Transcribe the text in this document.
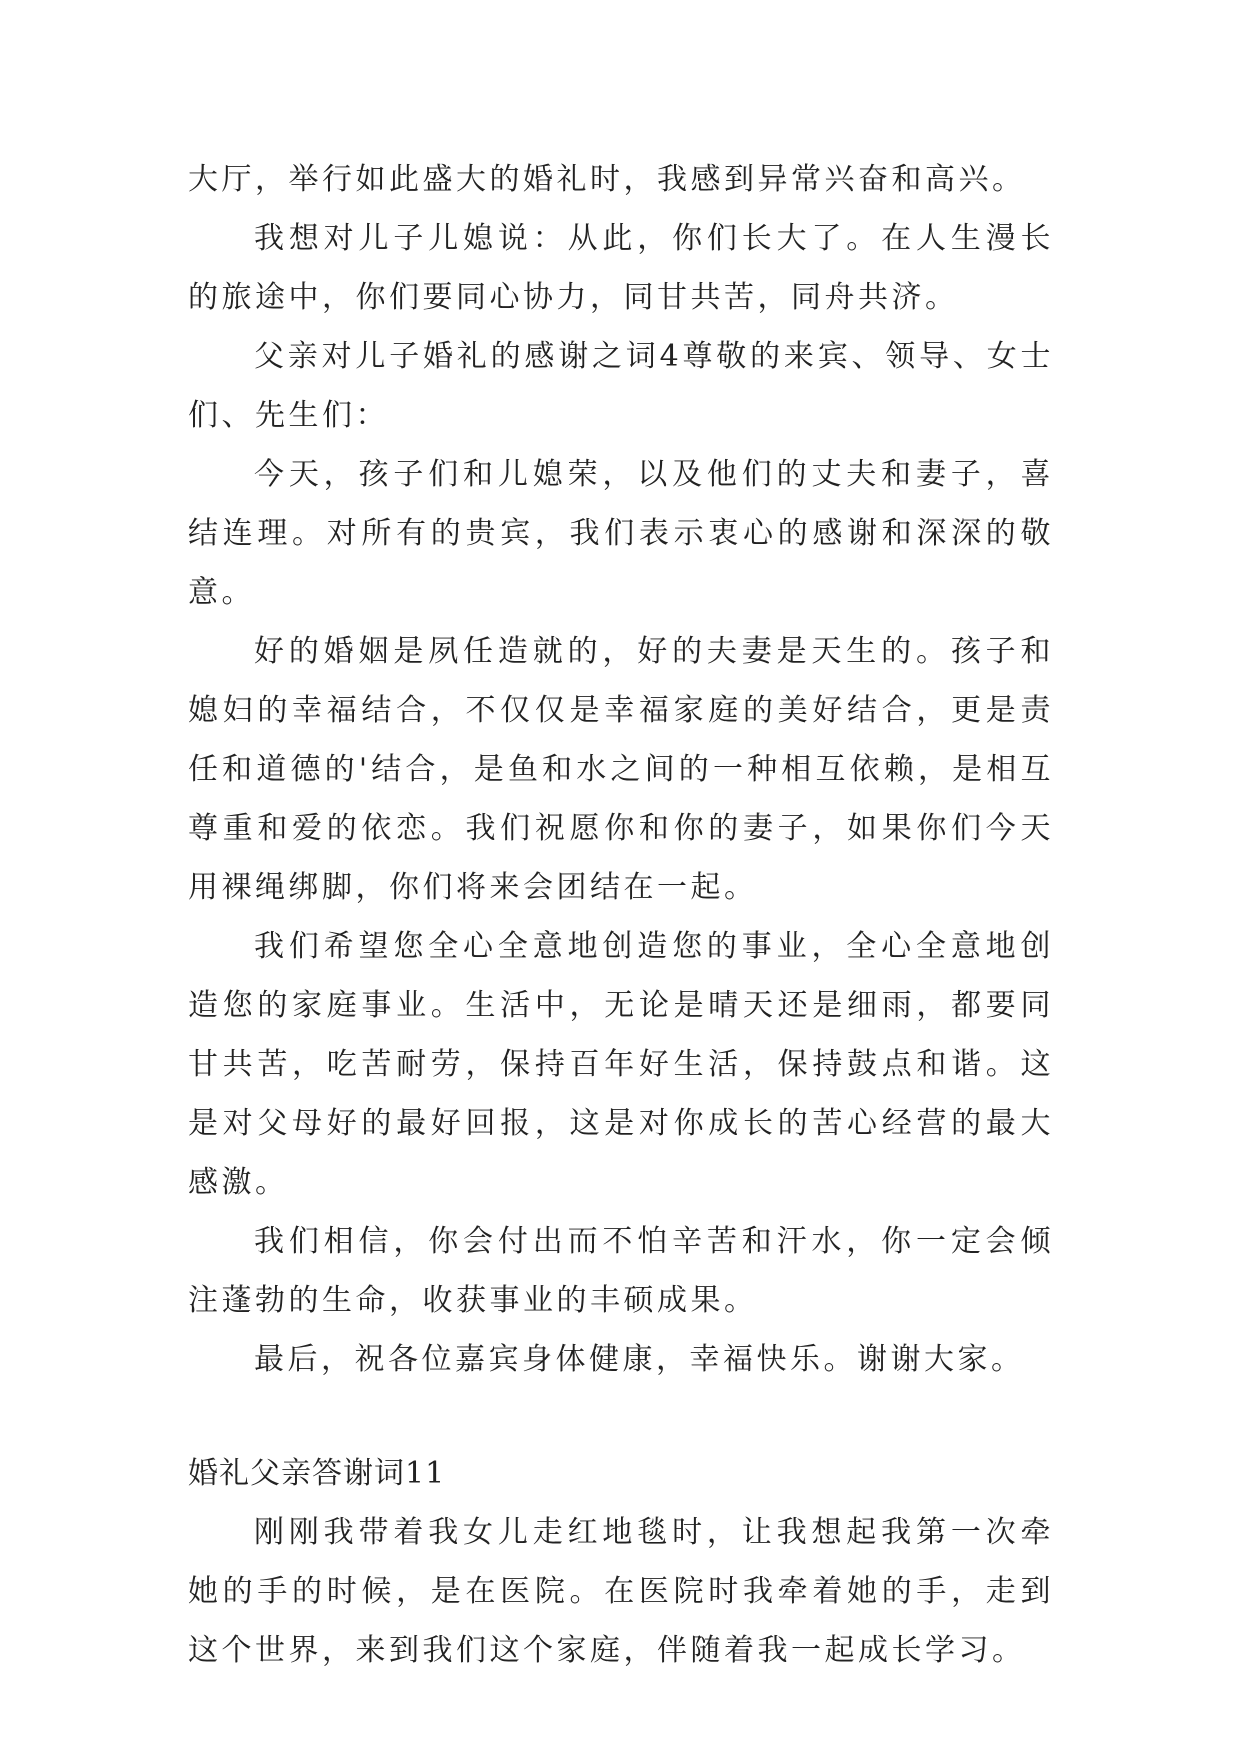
大厅，举行如此盛大的婚礼时，我感到异常兴奋和高兴。

我想对儿子儿媳说：从此，你们长大了。在人生漫长的旅途中，你们要同心协力，同甘共苦，同舟共济。

父亲对儿子婚礼的感谢之词4尊敬的来宾、领导、女士们、先生们：

今天，孩子们和儿媳荣，以及他们的丈夫和妻子，喜结连理。对所有的贵宾，我们表示衷心的感谢和深深的敬意。

好的婚姻是夙任造就的，好的夫妻是天生的。孩子和媳妇的幸福结合，不仅仅是幸福家庭的美好结合，更是责任和道德的'结合，是鱼和水之间的一种相互依赖，是相互尊重和爱的依恋。我们祝愿你和你的妻子，如果你们今天用裸绳绑脚，你们将来会团结在一起。

我们希望您全心全意地创造您的事业，全心全意地创造您的家庭事业。生活中，无论是晴天还是细雨，都要同甘共苦，吃苦耐劳，保持百年好生活，保持鼓点和谐。这是对父母好的最好回报，这是对你成长的苦心经营的最大感激。

我们相信，你会付出而不怕辛苦和汗水，你一定会倾注蓬勃的生命，收获事业的丰硕成果。

最后，祝各位嘉宾身体健康，幸福快乐。谢谢大家。

婚礼父亲答谢词11

刚刚我带着我女儿走红地毯时，让我想起我第一次牵她的手的时候，是在医院。在医院时我牵着她的手，走到这个世界，来到我们这个家庭，伴随着我一起成长学习。
